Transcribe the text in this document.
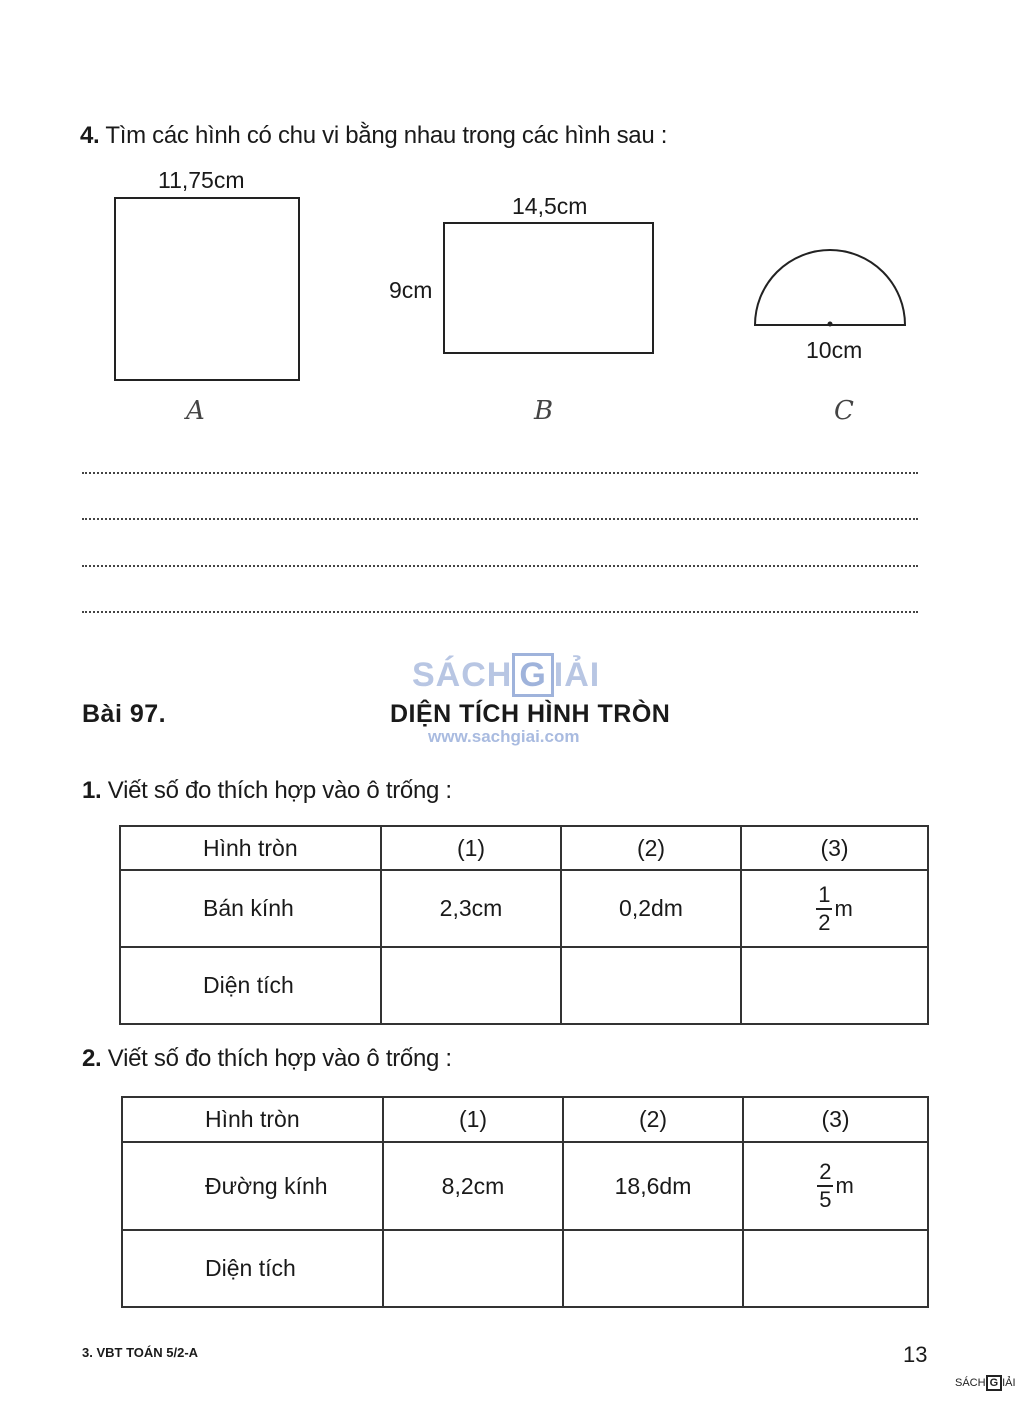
4. Tìm các hình có chu vi bằng nhau trong các hình sau :
11,75cm
A
14,5cm
9cm
B
10cm
C
SÁCH G IẢI
Bài 97.	DIỆN TÍCH HÌNH TRÒN
www.sachgiai.com
1. Viết số đo thích hợp vào ô trống :
Hình tròn	(1)	(2)	(3)
Bán kính	2,3cm	0,2dm	$\frac{1}{2}$ m
Diện tích			
2. Viết số đo thích hợp vào ô trống :
Hình tròn	(1)	(2)	(3)
Đường kính	8,2cm	18,6dm	$\frac{2}{5}$ m
Diện tích			
3. VBT TOÁN 5/2-A	13
SÁCH G IẢI
